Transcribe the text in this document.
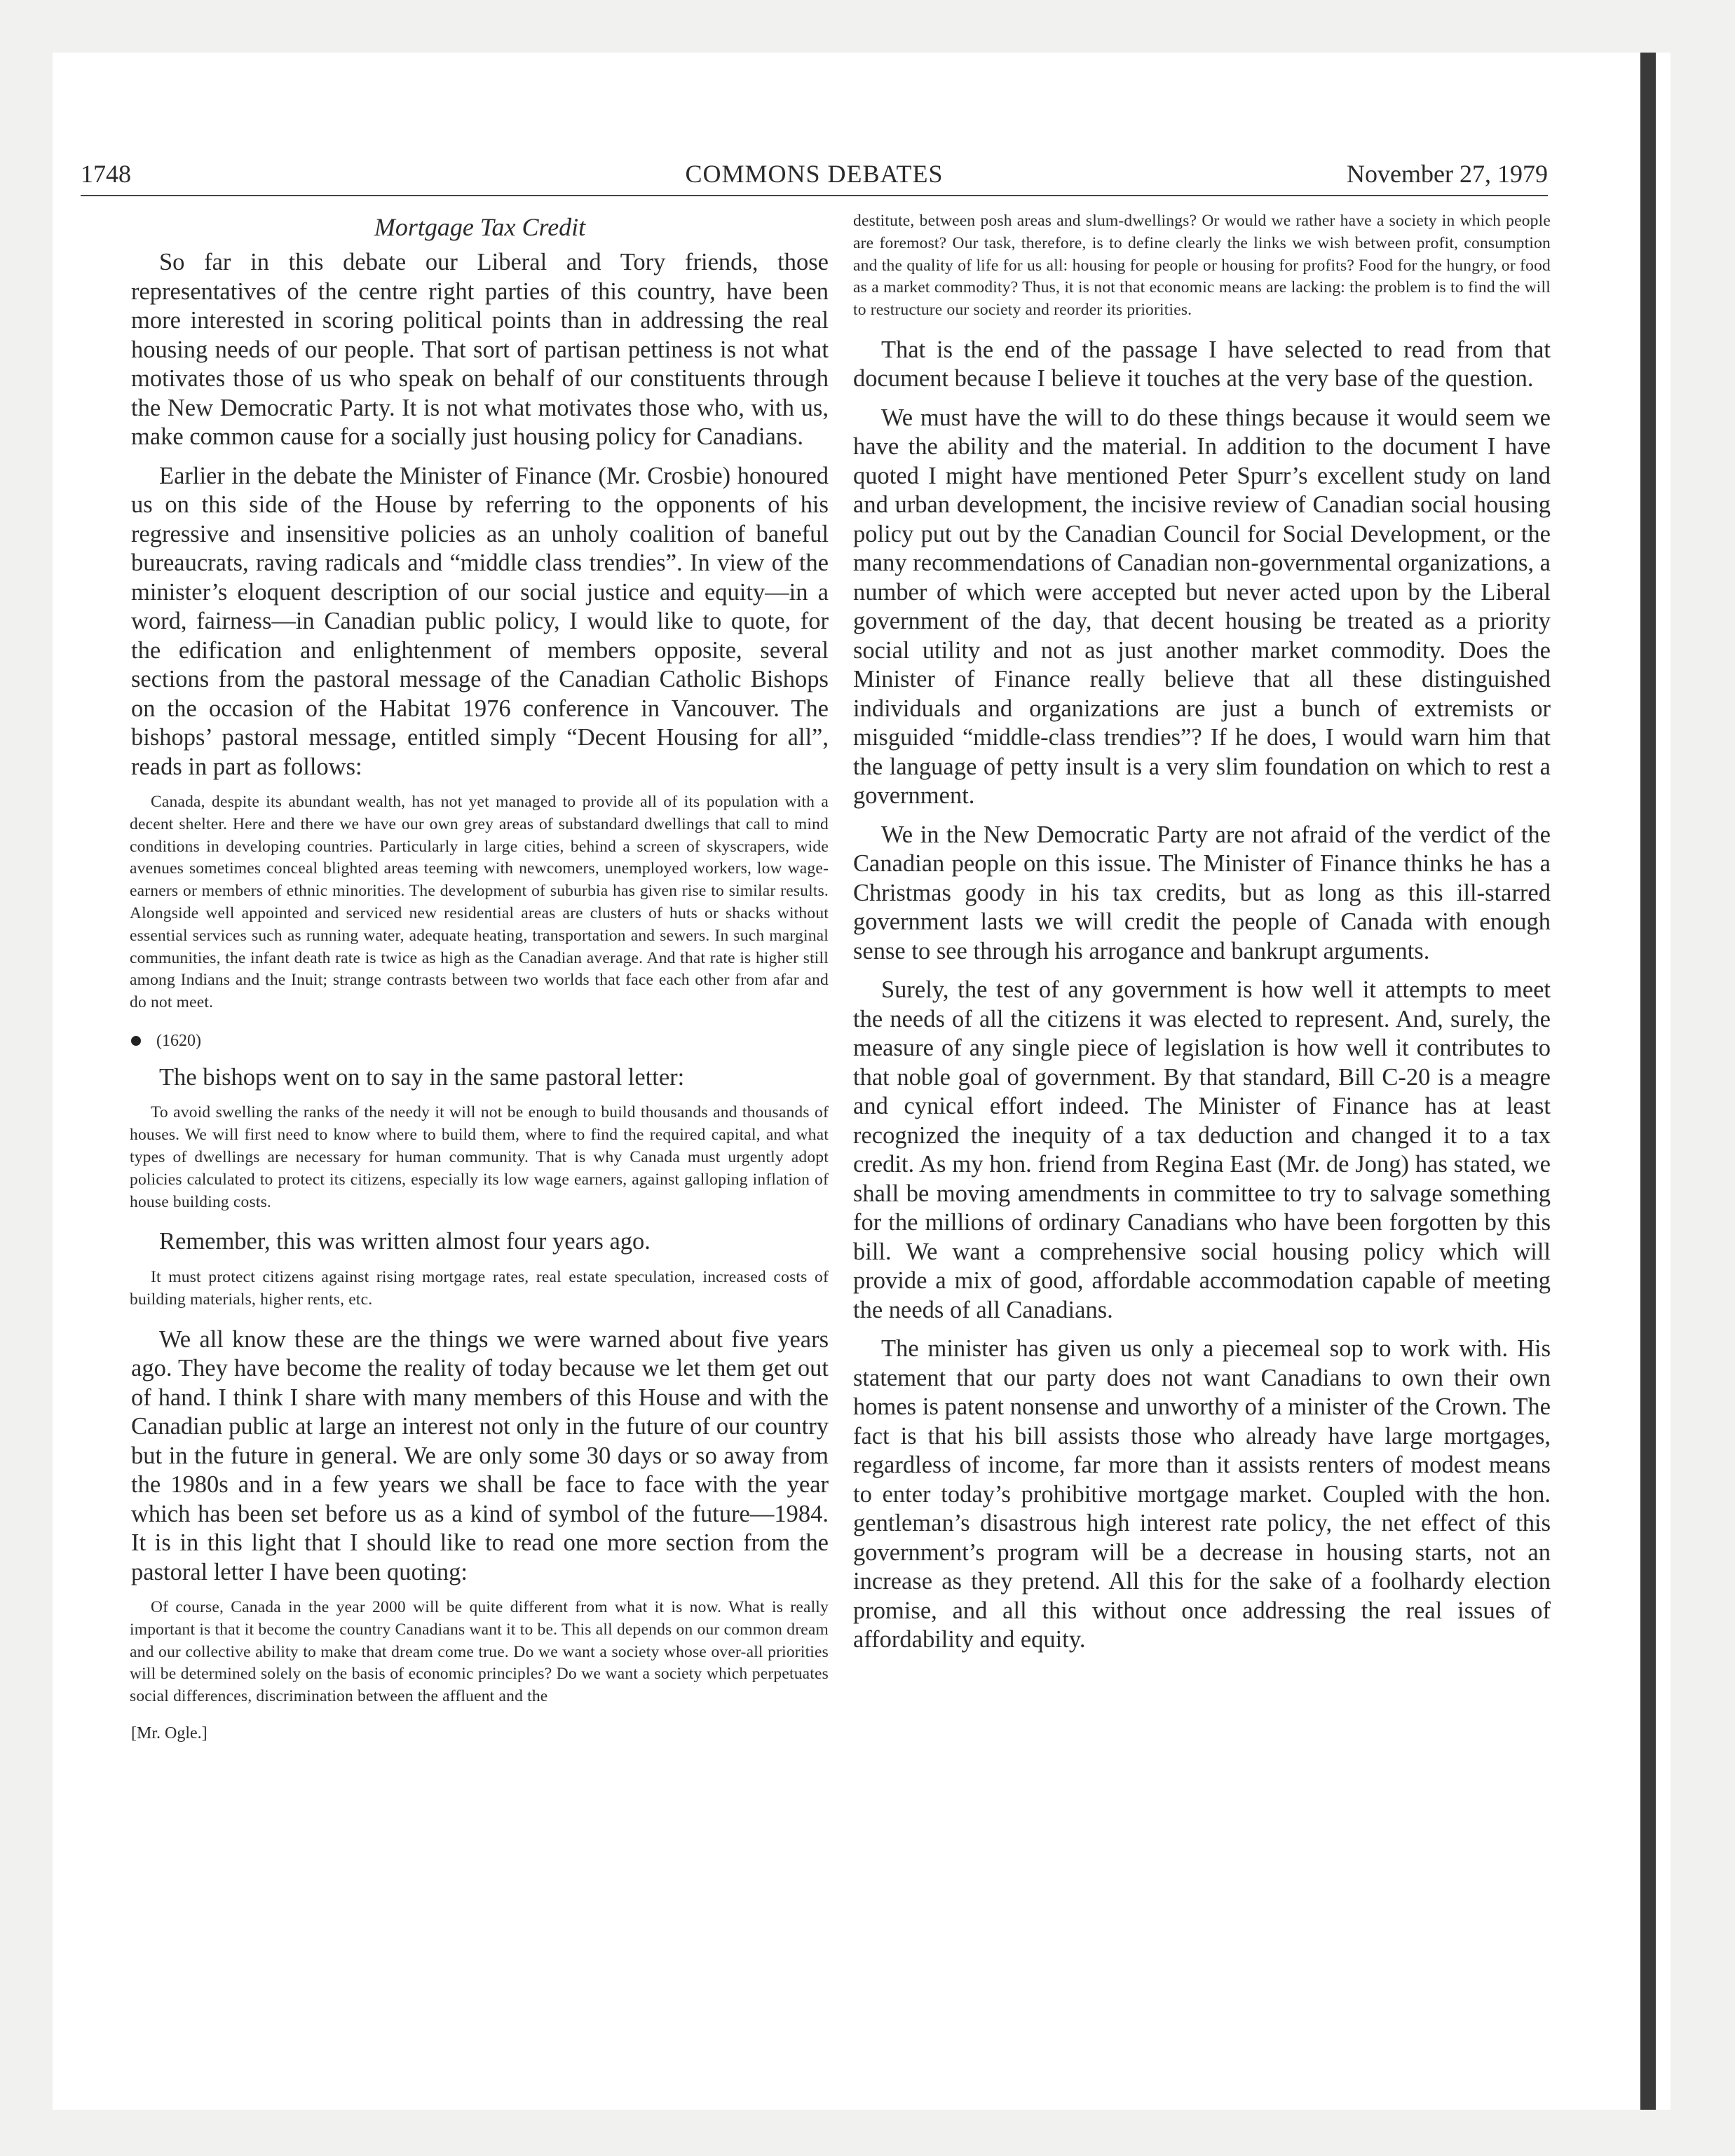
1748	COMMONS DEBATES	November 27, 1979
Mortgage Tax Credit

So far in this debate our Liberal and Tory friends, those representatives of the centre right parties of this country, have been more interested in scoring political points than in addressing the real housing needs of our people. That sort of partisan pettiness is not what motivates those of us who speak on behalf of our constituents through the New Democratic Party. It is not what motivates those who, with us, make common cause for a socially just housing policy for Canadians.

Earlier in the debate the Minister of Finance (Mr. Crosbie) honoured us on this side of the House by referring to the opponents of his regressive and insensitive policies as an unholy coalition of baneful bureaucrats, raving radicals and “middle class trendies”. In view of the minister’s eloquent description of our social justice and equity—in a word, fairness—in Canadian public policy, I would like to quote, for the edification and enlightenment of members opposite, several sections from the pastoral message of the Canadian Catholic Bishops on the occasion of the Habitat 1976 conference in Vancouver. The bishops’ pastoral message, entitled simply “Decent Housing for all”, reads in part as follows:

Canada, despite its abundant wealth, has not yet managed to provide all of its population with a decent shelter. Here and there we have our own grey areas of substandard dwellings that call to mind conditions in developing countries. Particularly in large cities, behind a screen of skyscrapers, wide avenues sometimes conceal blighted areas teeming with newcomers, unemployed workers, low wage-earners or members of ethnic minorities. The development of suburbia has given rise to similar results. Alongside well appointed and serviced new residential areas are clusters of huts or shacks without essential services such as running water, adequate heating, transportation and sewers. In such marginal communities, the infant death rate is twice as high as the Canadian average. And that rate is higher still among Indians and the Inuit; strange contrasts between two worlds that face each other from afar and do not meet.

(1620)

The bishops went on to say in the same pastoral letter:

To avoid swelling the ranks of the needy it will not be enough to build thousands and thousands of houses. We will first need to know where to build them, where to find the required capital, and what types of dwellings are necessary for human community. That is why Canada must urgently adopt policies calculated to protect its citizens, especially its low wage earners, against galloping inflation of house building costs.

Remember, this was written almost four years ago.

It must protect citizens against rising mortgage rates, real estate speculation, increased costs of building materials, higher rents, etc.

We all know these are the things we were warned about five years ago. They have become the reality of today because we let them get out of hand. I think I share with many members of this House and with the Canadian public at large an interest not only in the future of our country but in the future in general. We are only some 30 days or so away from the 1980s and in a few years we shall be face to face with the year which has been set before us as a kind of symbol of the future—1984. It is in this light that I should like to read one more section from the pastoral letter I have been quoting:

Of course, Canada in the year 2000 will be quite different from what it is now. What is really important is that it become the country Canadians want it to be. This all depends on our common dream and our collective ability to make that dream come true. Do we want a society whose over-all priorities will be determined solely on the basis of economic principles? Do we want a society which perpetuates social differences, discrimination between the affluent and the

[Mr. Ogle.]

destitute, between posh areas and slum-dwellings? Or would we rather have a society in which people are foremost? Our task, therefore, is to define clearly the links we wish between profit, consumption and the quality of life for us all: housing for people or housing for profits? Food for the hungry, or food as a market commodity? Thus, it is not that economic means are lacking: the problem is to find the will to restructure our society and reorder its priorities.

That is the end of the passage I have selected to read from that document because I believe it touches at the very base of the question.

We must have the will to do these things because it would seem we have the ability and the material. In addition to the document I have quoted I might have mentioned Peter Spurr’s excellent study on land and urban development, the incisive review of Canadian social housing policy put out by the Canadian Council for Social Development, or the many recommendations of Canadian non-governmental organizations, a number of which were accepted but never acted upon by the Liberal government of the day, that decent housing be treated as a priority social utility and not as just another market commodity. Does the Minister of Finance really believe that all these distinguished individuals and organizations are just a bunch of extremists or misguided “middle-class trendies”? If he does, I would warn him that the language of petty insult is a very slim foundation on which to rest a government.

We in the New Democratic Party are not afraid of the verdict of the Canadian people on this issue. The Minister of Finance thinks he has a Christmas goody in his tax credits, but as long as this ill-starred government lasts we will credit the people of Canada with enough sense to see through his arrogance and bankrupt arguments.

Surely, the test of any government is how well it attempts to meet the needs of all the citizens it was elected to represent. And, surely, the measure of any single piece of legislation is how well it contributes to that noble goal of government. By that standard, Bill C-20 is a meagre and cynical effort indeed. The Minister of Finance has at least recognized the inequity of a tax deduction and changed it to a tax credit. As my hon. friend from Regina East (Mr. de Jong) has stated, we shall be moving amendments in committee to try to salvage something for the millions of ordinary Canadians who have been forgotten by this bill. We want a comprehensive social housing policy which will provide a mix of good, affordable accommodation capable of meeting the needs of all Canadians.

The minister has given us only a piecemeal sop to work with. His statement that our party does not want Canadians to own their own homes is patent nonsense and unworthy of a minister of the Crown. The fact is that his bill assists those who already have large mortgages, regardless of income, far more than it assists renters of modest means to enter today’s prohibitive mortgage market. Coupled with the hon. gentleman’s disastrous high interest rate policy, the net effect of this government’s program will be a decrease in housing starts, not an increase as they pretend. All this for the sake of a foolhardy election promise, and all this without once addressing the real issues of affordability and equity.
